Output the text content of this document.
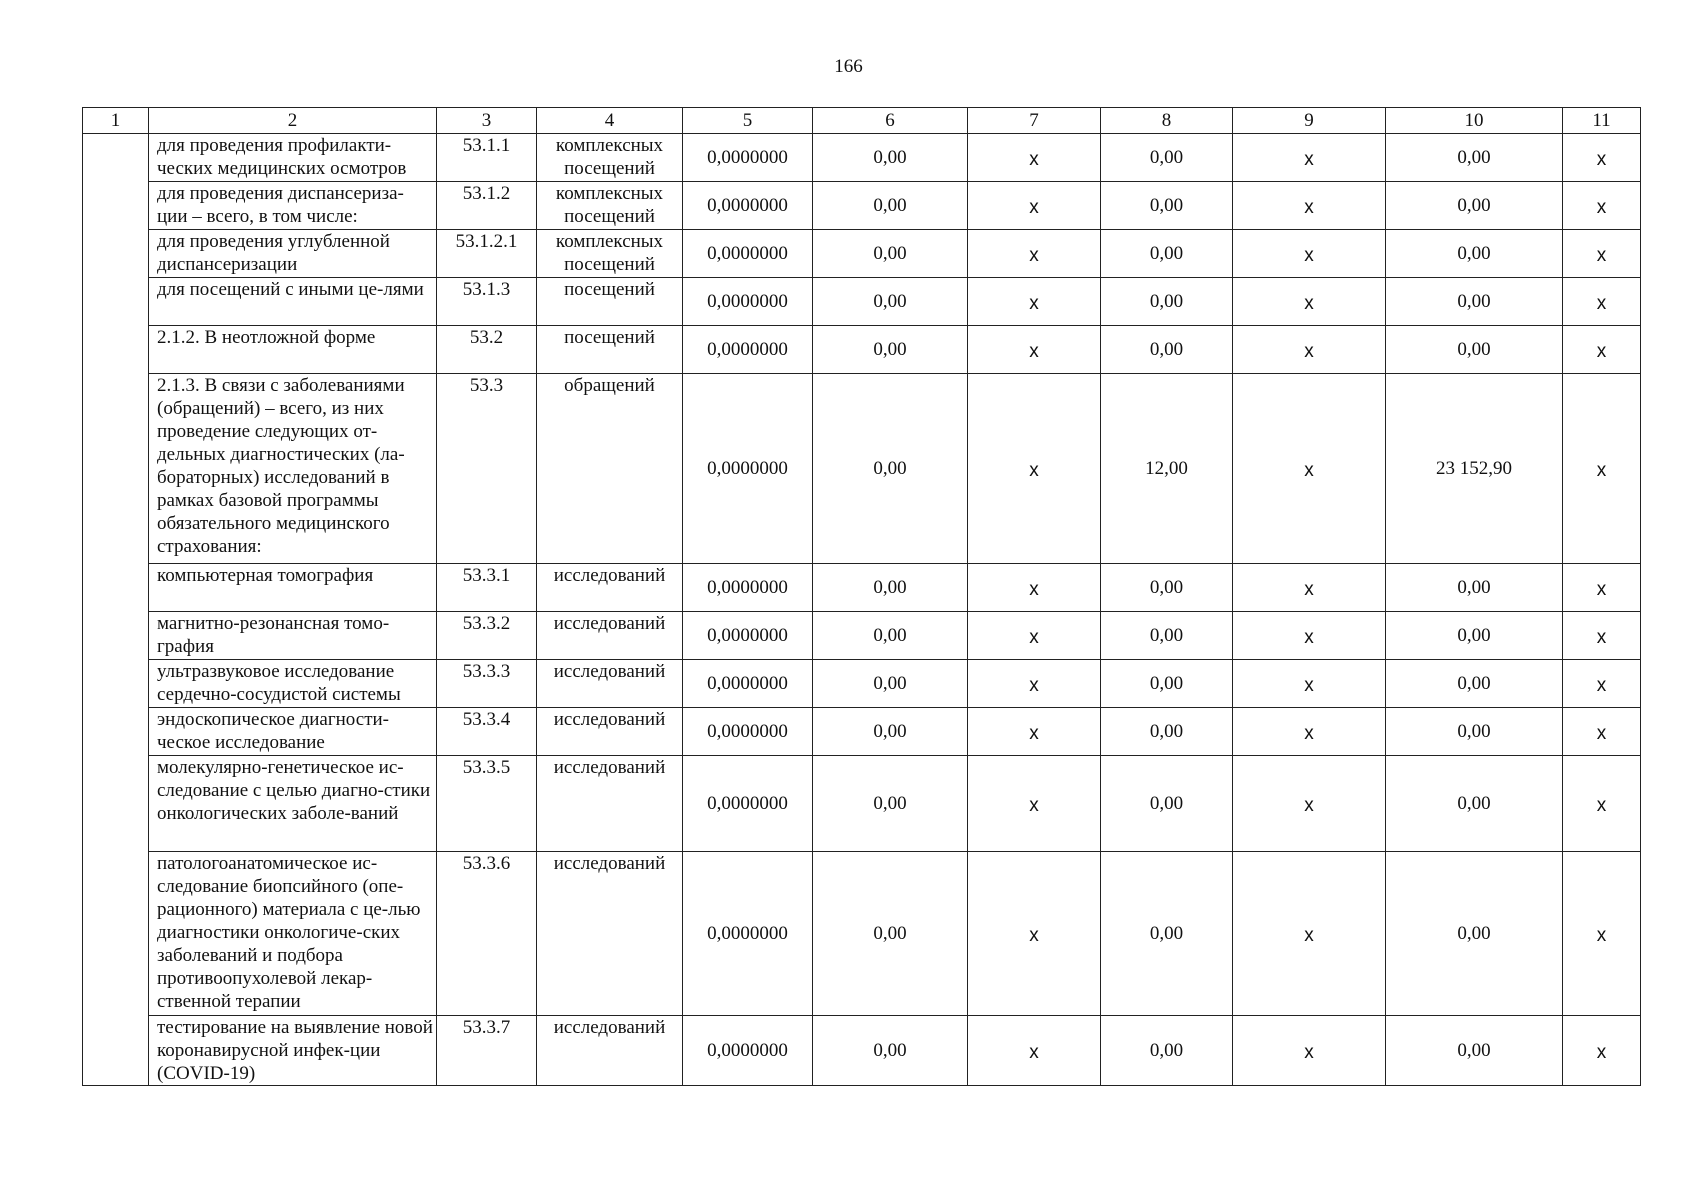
166
1	2	3	4	5	6	7	8	9	10	11
	для проведения профилакти-ческих медицинских осмотров	53.1.1	комплексных посещений	0,0000000	0,00	х	0,00	х	0,00	х
	для проведения диспансериза-ции – всего, в том числе:	53.1.2	комплексных посещений	0,0000000	0,00	х	0,00	х	0,00	х
	для проведения углубленной диспансеризации	53.1.2.1	комплексных посещений	0,0000000	0,00	х	0,00	х	0,00	х
	для посещений с иными це-лями	53.1.3	посещений	0,0000000	0,00	х	0,00	х	0,00	х
	2.1.2. В неотложной форме	53.2	посещений	0,0000000	0,00	х	0,00	х	0,00	х
	2.1.3. В связи с заболеваниями (обращений) – всего, из них проведение следующих от-дельных диагностических (ла-бораторных) исследований в рамках базовой программы обязательного медицинского страхования:	53.3	обращений	0,0000000	0,00	х	12,00	х	23 152,90	х
	компьютерная томография	53.3.1	исследований	0,0000000	0,00	х	0,00	х	0,00	х
	магнитно-резонансная томо-графия	53.3.2	исследований	0,0000000	0,00	х	0,00	х	0,00	х
	ультразвуковое исследование сердечно-сосудистой системы	53.3.3	исследований	0,0000000	0,00	х	0,00	х	0,00	х
	эндоскопическое диагности-ческое исследование	53.3.4	исследований	0,0000000	0,00	х	0,00	х	0,00	х
	молекулярно-генетическое ис-следование с целью диагно-стики онкологических заболе-ваний	53.3.5	исследований	0,0000000	0,00	х	0,00	х	0,00	х
	патологоанатомическое ис-следование биопсийного (опе-рационного) материала с це-лью диагностики онкологиче-ских заболеваний и подбора противоопухолевой лекар-ственной терапии	53.3.6	исследований	0,0000000	0,00	х	0,00	х	0,00	х
	тестирование на выявление новой коронавирусной инфек-ции (COVID-19)	53.3.7	исследований	0,0000000	0,00	х	0,00	х	0,00	х
